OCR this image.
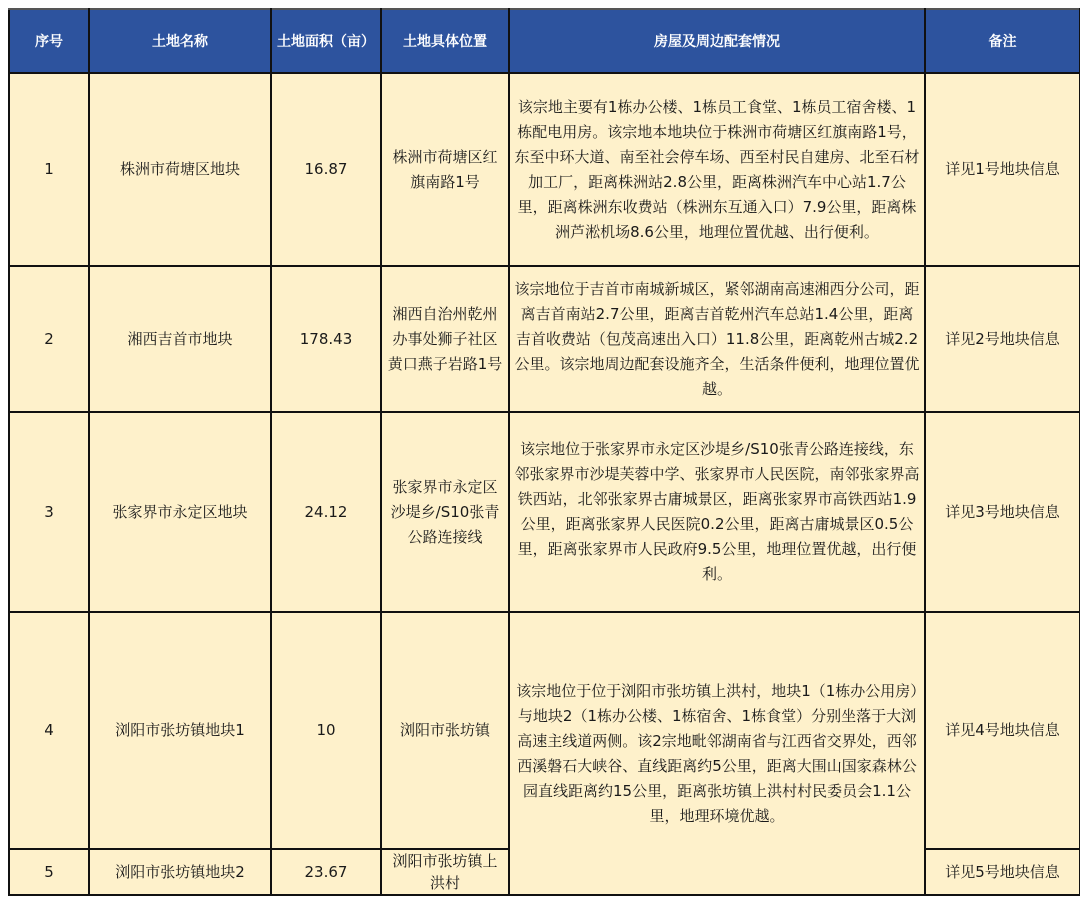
序号	土地名称	土地面积（亩）	土地具体位置	房屋及周边配套情况	备注
1	株洲市荷塘区地块	16.87	株洲市荷塘区红旗南路1号	该宗地主要有1栋办公楼、1栋员工食堂、1栋员工宿舍楼、1栋配电用房。该宗地本地块位于株洲市荷塘区红旗南路1号，东至中环大道、南至社会停车场、西至村民自建房、北至石材加工厂，距离株洲站2.8公里，距离株洲汽车中心站1.7公里，距离株洲东收费站（株洲东互通入口）7.9公里，距离株洲芦淞机场8.6公里，地理位置优越、出行便利。	详见1号地块信息
2	湘西吉首市地块	178.43	湘西自治州乾州办事处狮子社区黄口燕子岩路1号	该宗地位于吉首市南城新城区，紧邻湖南高速湘西分公司，距离吉首南站2.7公里，距离吉首乾州汽车总站1.4公里，距离吉首收费站（包茂高速出入口）11.8公里，距离乾州古城2.2公里。该宗地周边配套设施齐全，生活条件便利，地理位置优越。	详见2号地块信息
3	张家界市永定区地块	24.12	张家界市永定区沙堤乡/S10张青公路连接线	该宗地位于张家界市永定区沙堤乡/S10张青公路连接线，东邻张家界市沙堤芙蓉中学、张家界市人民医院，南邻张家界高铁西站，北邻张家界古庸城景区，距离张家界市高铁西站1.9公里，距离张家界人民医院0.2公里，距离古庸城景区0.5公里，距离张家界市人民政府9.5公里，地理位置优越，出行便利。	详见3号地块信息
4	浏阳市张坊镇地块1	10	浏阳市张坊镇	该宗地位于位于浏阳市张坊镇上洪村，地块1（1栋办公用房）与地块2（1栋办公楼、1栋宿舍、1栋食堂）分别坐落于大浏高速主线道两侧。该2宗地毗邻湖南省与江西省交界处，西邻西溪磐石大峡谷、直线距离约5公里，距离大围山国家森林公园直线距离约15公里，距离张坊镇上洪村村民委员会1.1公里，地理环境优越。	详见4号地块信息
5	浏阳市张坊镇地块2	23.67	浏阳市张坊镇上洪村		详见5号地块信息
